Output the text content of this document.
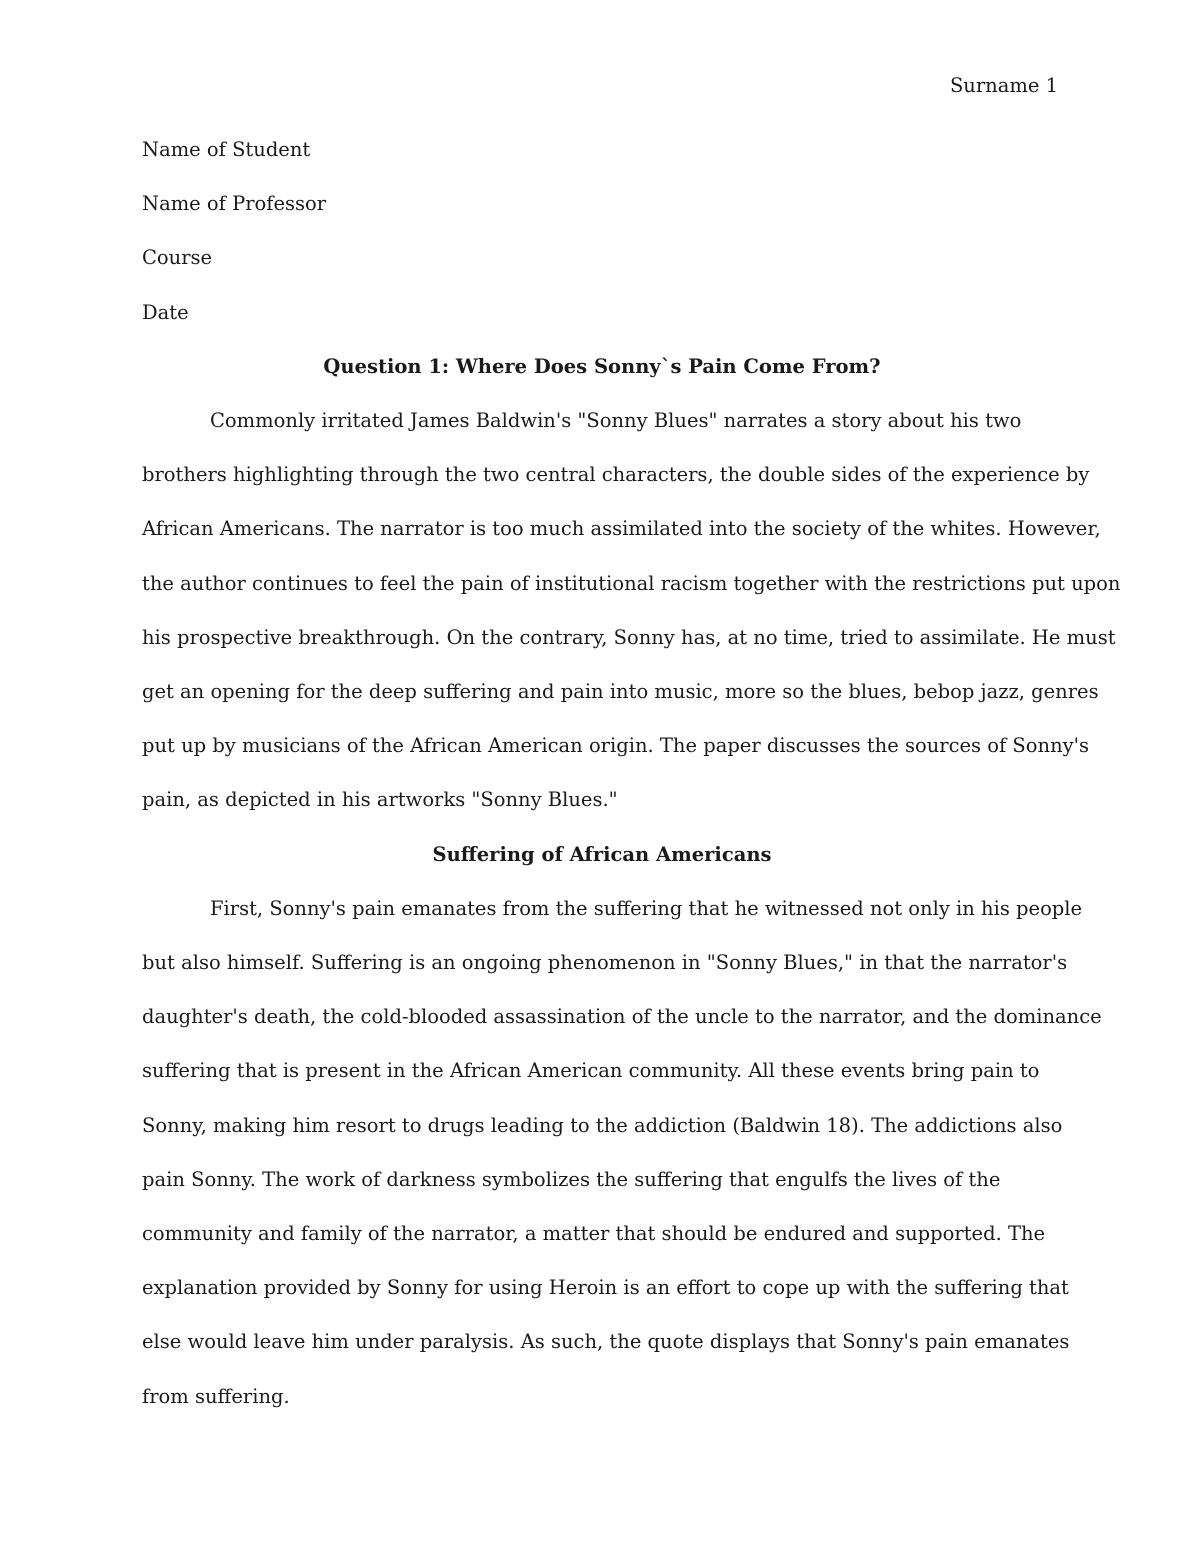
Surname 1
Name of Student
Name of Professor
Course
Date
Question 1: Where Does Sonny`s Pain Come From?

Commonly irritated James Baldwin's "Sonny Blues" narrates a story about his two
brothers highlighting through the two central characters, the double sides of the experience by
African Americans. The narrator is too much assimilated into the society of the whites. However,
the author continues to feel the pain of institutional racism together with the restrictions put upon
his prospective breakthrough. On the contrary, Sonny has, at no time, tried to assimilate. He must
get an opening for the deep suffering and pain into music, more so the blues, bebop jazz, genres
put up by musicians of the African American origin. The paper discusses the sources of Sonny's
pain, as depicted in his artworks "Sonny Blues."

Suffering of African Americans

First, Sonny's pain emanates from the suffering that he witnessed not only in his people
but also himself. Suffering is an ongoing phenomenon in "Sonny Blues," in that the narrator's
daughter's death, the cold-blooded assassination of the uncle to the narrator, and the dominance
suffering that is present in the African American community. All these events bring pain to
Sonny, making him resort to drugs leading to the addiction (Baldwin 18). The addictions also
pain Sonny. The work of darkness symbolizes the suffering that engulfs the lives of the
community and family of the narrator, a matter that should be endured and supported. The
explanation provided by Sonny for using Heroin is an effort to cope up with the suffering that
else would leave him under paralysis. As such, the quote displays that Sonny's pain emanates
from suffering.
